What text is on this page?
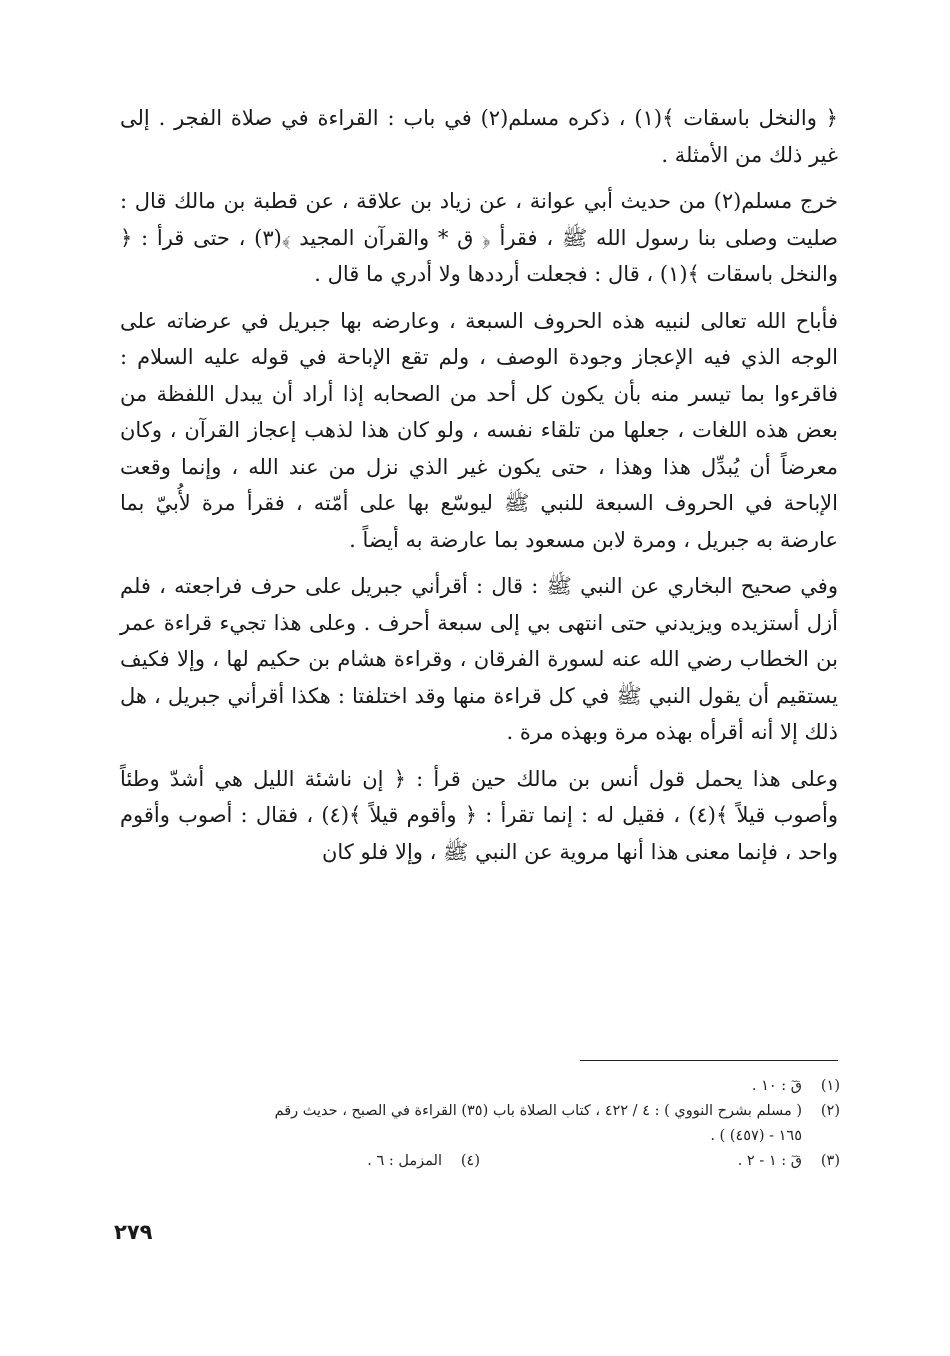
﴿ والنخل باسقات ﴾(١) ، ذكره مسلم(٢) في باب : القراءة في صلاة الفجر . إلى غير ذلك من الأمثلة .

خرج مسلم(٢) من حديث أبي عوانة ، عن زياد بن علاقة ، عن قطبة بن مالك قال : صليت وصلى بنا رسول الله ﷺ ، فقرأ ﴿ ق * والقرآن المجيد ﴾(٣) ، حتى قرأ : ﴿ والنخل باسقات ﴾(١) ، قال : فجعلت أرددها ولا أدري ما قال .

فأباح الله تعالى لنبيه هذه الحروف السبعة ، وعارضه بها جبريل في عرضاته على الوجه الذي فيه الإعجاز وجودة الوصف ، ولم تقع الإباحة في قوله عليه السلام : فاقرءوا بما تيسر منه بأن يكون كل أحد من الصحابه إذا أراد أن يبدل اللفظة من بعض هذه اللغات ، جعلها من تلقاء نفسه ، ولو كان هذا لذهب إعجاز القرآن ، وكان معرضاً أن يُبدِّل هذا وهذا ، حتى يكون غير الذي نزل من عند الله ، وإنما وقعت الإباحة في الحروف السبعة للنبي ﷺ ليوسّع بها على أمّته ، فقرأ مرة لأُبيّ بما عارضة به جبريل ، ومرة لابن مسعود بما عارضة به أيضاً .

وفي صحيح البخاري عن النبي ﷺ : قال : أقرأني جبريل على حرف فراجعته ، فلم أزل أستزيده ويزيدني حتى انتهى بي إلى سبعة أحرف . وعلى هذا تجيء قراءة عمر بن الخطاب رضي الله عنه لسورة الفرقان ، وقراءة هشام بن حكيم لها ، وإلا فكيف يستقيم أن يقول النبي ﷺ في كل قراءة منها وقد اختلفتا : هكذا أقرأني جبريل ، هل ذلك إلا أنه أقرأه بهذه مرة وبهذه مرة .

وعلى هذا يحمل قول أنس بن مالك حين قرأ : ﴿ إن ناشئة الليل هي أشدّ وطئاً وأصوب قيلاً ﴾(٤) ، فقيل له : إنما تقرأ : ﴿ وأقوم قيلاً ﴾(٤) ، فقال : أصوب وأقوم واحد ، فإنما معنى هذا أنها مروية عن النبي ﷺ ، وإلا فلو كان

(١)
قٓ : ١٠ .
(٢)
( مسلم بشرح النووي ) : ٤ / ٤٢٢ ، كتاب الصلاة باب (٣٥) القراءة في الصبح ، حديث رقم
١٦٥ - (٤٥٧) ) .
(٣)
قٓ : ١ - ٢ .
(٤)
المزمل : ٦ .
٢٧٩
